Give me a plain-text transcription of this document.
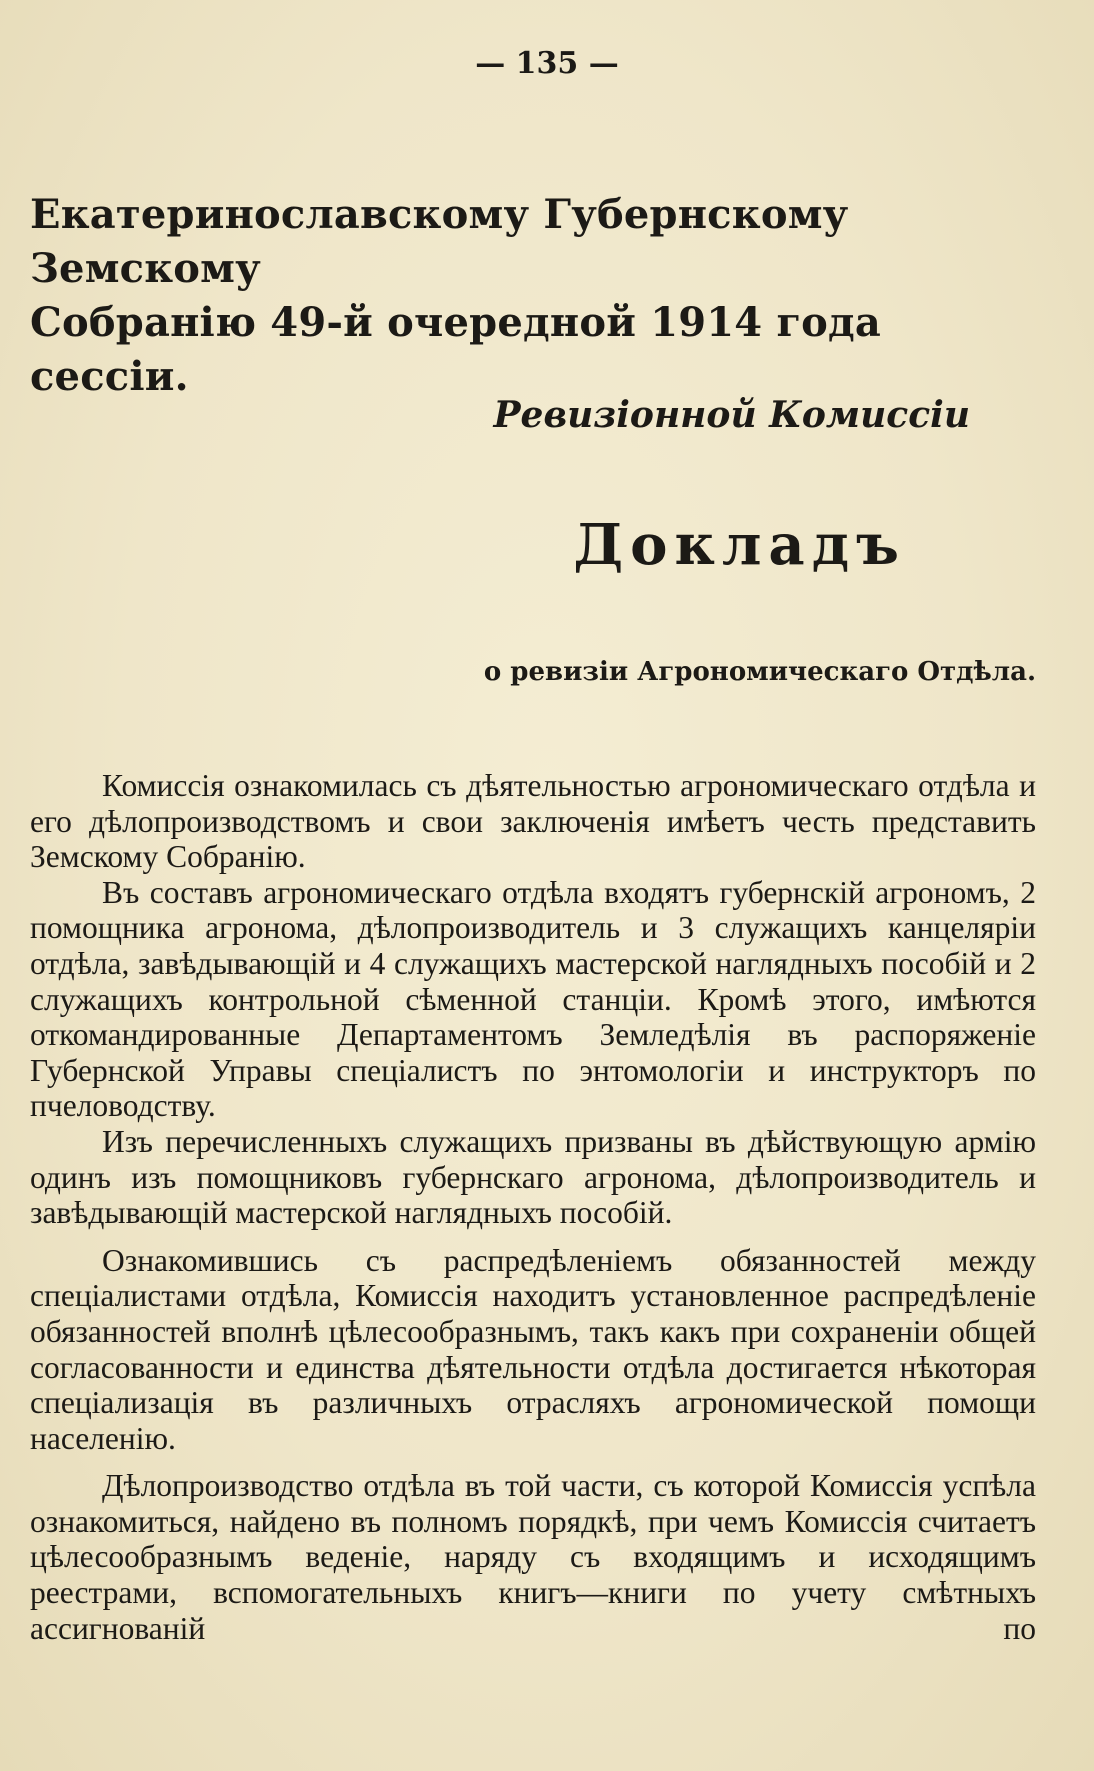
— 135 —
Екатеринославскому Губернскому Земскому
Собранію 49-й очередной 1914 года сессіи.
Ревизіонной Комиссіи
Докладъ
о ревизіи Агрономическаго Отдѣла.

Комиссія ознакомилась съ дѣятельностью агрономическаго отдѣла и его дѣлопроизводствомъ и свои заключенія имѣетъ честь представить Земскому Собранію.

Въ составъ агрономическаго отдѣла входятъ губернскій агрономъ, 2 помощника агронома, дѣлопроизводитель и 3 служащихъ канцеляріи отдѣла, завѣдывающій и 4 служащихъ мастерской наглядныхъ пособій и 2 служащихъ контрольной сѣменной станціи. Кромѣ этого, имѣются откомандированные Департаментомъ Земледѣлія въ распоряженіе Губернской Управы спеціалистъ по энтомологіи и инструкторъ по пчеловодству.

Изъ перечисленныхъ служащихъ призваны въ дѣйствующую армію одинъ изъ помощниковъ губернскаго агронома, дѣлопроизводитель и завѣдывающій мастерской наглядныхъ пособій.

Ознакомившись съ распредѣленіемъ обязанностей между спеціалистами отдѣла, Комиссія находитъ установленное распредѣленіе обязанностей вполнѣ цѣлесообразнымъ, такъ какъ при сохраненіи общей согласованности и единства дѣятельности отдѣла достигается нѣкоторая спеціализація въ различныхъ отрасляхъ агрономической помощи населенію.

Дѣлопроизводство отдѣла въ той части, съ которой Комиссія успѣла ознакомиться, найдено въ полномъ порядкѣ, при чемъ Комиссія считаетъ цѣлесообразнымъ веденіе, наряду съ входящимъ и исходящимъ реестрами, вспомогательныхъ книгъ—книги по учету смѣтныхъ ассигнованій по
